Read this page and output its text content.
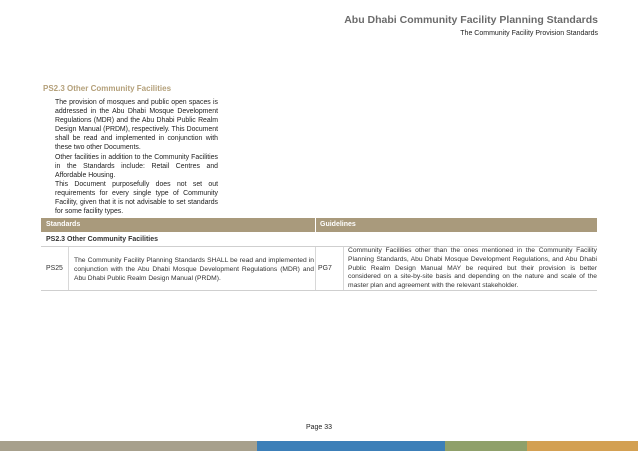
Abu Dhabi Community Facility Planning Standards
The Community Facility Provision Standards
PS2.3 Other Community Facilities
The provision of mosques and public open spaces is addressed in the Abu Dhabi Mosque Development Regulations (MDR) and the Abu Dhabi Public Realm Design Manual (PRDM), respectively. This Document shall be read and implemented in conjunction with these two other Documents.
Other facilities in addition to the Community Facilities in the Standards include: Retail Centres and Affordable Housing.
This Document purposefully does not set out requirements for every single type of Community Facility, given that it is not advisable to set standards for some facility types.
Standards	Guidelines
PS2.3 Other Community Facilities
PS25
The Community Facility Planning Standards SHALL be read and implemented in conjunction with the Abu Dhabi Mosque Development Regulations (MDR) and Abu Dhabi Public Realm Design Manual (PRDM).
PG7
Community Facilities other than the ones mentioned in the Community Facility Planning Standards, Abu Dhabi Mosque Development Regulations, and Abu Dhabi Public Realm Design Manual MAY be required but their provision is better considered on a site-by-site basis and depending on the nature and scale of the master plan and agreement with the relevant stakeholder.
Page 33
